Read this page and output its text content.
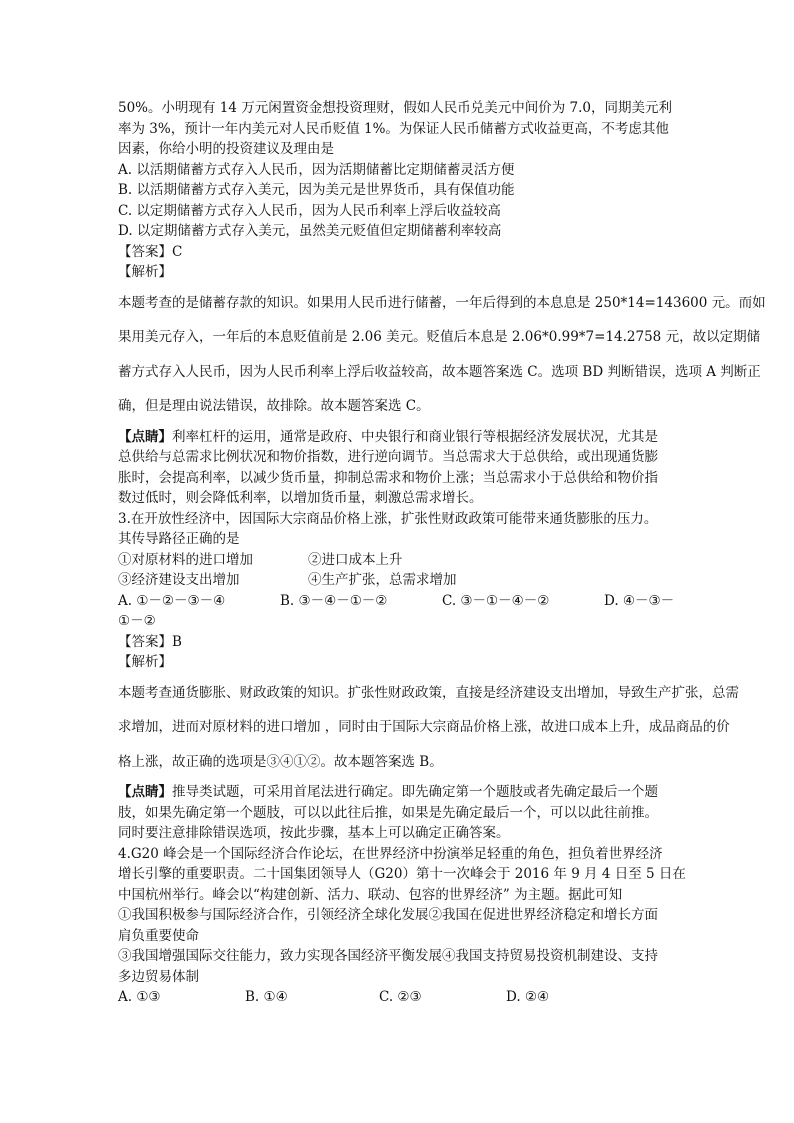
50%。小明现有 14 万元闲置资金想投资理财，假如人民币兑美元中间价为 7.0，同期美元利
率为 3%，预计一年内美元对人民币贬值 1%。为保证人民币储蓄方式收益更高，不考虑其他
因素，你给小明的投资建议及理由是
A. 以活期储蓄方式存入人民币，因为活期储蓄比定期储蓄灵活方便
B. 以活期储蓄方式存入美元，因为美元是世界货币，具有保值功能
C. 以定期储蓄方式存入人民币，因为人民币利率上浮后收益较高
D. 以定期储蓄方式存入美元，虽然美元贬值但定期储蓄利率较高
【答案】C
【解析】
本题考查的是储蓄存款的知识。如果用人民币进行储蓄，一年后得到的本息息是 250*14=143600 元。而如
果用美元存入，一年后的本息贬值前是 2.06 美元。贬值后本息是 2.06*0.99*7=14.2758 元，故以定期储
蓄方式存入人民币，因为人民币利率上浮后收益较高，故本题答案选 C。选项 BD 判断错误，选项 A 判断正
确，但是理由说法错误，故排除。故本题答案选 C。
【点睛】利率杠杆的运用，通常是政府、中央银行和商业银行等根据经济发展状况，尤其是
总供给与总需求比例状况和物价指数，进行逆向调节。当总需求大于总供给，或出现通货膨
胀时，会提高利率，以减少货币量，抑制总需求和物价上涨；当总需求小于总供给和物价指
数过低时，则会降低利率，以增加货币量，刺激总需求增长。
3.在开放性经济中，因国际大宗商品价格上涨，扩张性财政政策可能带来通货膨胀的压力。
其传导路径正确的是
①对原材料的进口增加	②进口成本上升
③经济建设支出增加	④生产扩张，总需求增加
A. ①－②－③－④	B. ③－④－①－②	C. ③－①－④－②	D. ④－③－
①－②
【答案】B
【解析】
本题考查通货膨胀、财政政策的知识。扩张性财政政策，直接是经济建设支出增加，导致生产扩张，总需
求增加，进而对原材料的进口增加 ，同时由于国际大宗商品价格上涨，故进口成本上升，成品商品的价
格上涨，故正确的选项是③④①②。故本题答案选 B。
【点睛】推导类试题，可采用首尾法进行确定。即先确定第一个题肢或者先确定最后一个题
肢，如果先确定第一个题肢，可以以此往后推，如果是先确定最后一个，可以以此往前推。
同时要注意排除错误选项，按此步骤，基本上可以确定正确答案。
4.G20 峰会是一个国际经济合作论坛，在世界经济中扮演举足轻重的角色，担负着世界经济
增长引擎的重要职责。二十国集团领导人（G20）第十一次峰会于 2016 年 9 月 4 日至 5 日在
中国杭州举行。峰会以“构建创新、活力、联动、包容的世界经济” 为主题。据此可知
①我国积极参与国际经济合作，引领经济全球化发展②我国在促进世界经济稳定和增长方面
肩负重要使命
③我国增强国际交往能力，致力实现各国经济平衡发展④我国支持贸易投资机制建设、支持
多边贸易体制
A. ①③	B. ①④	C. ②③	D. ②④
